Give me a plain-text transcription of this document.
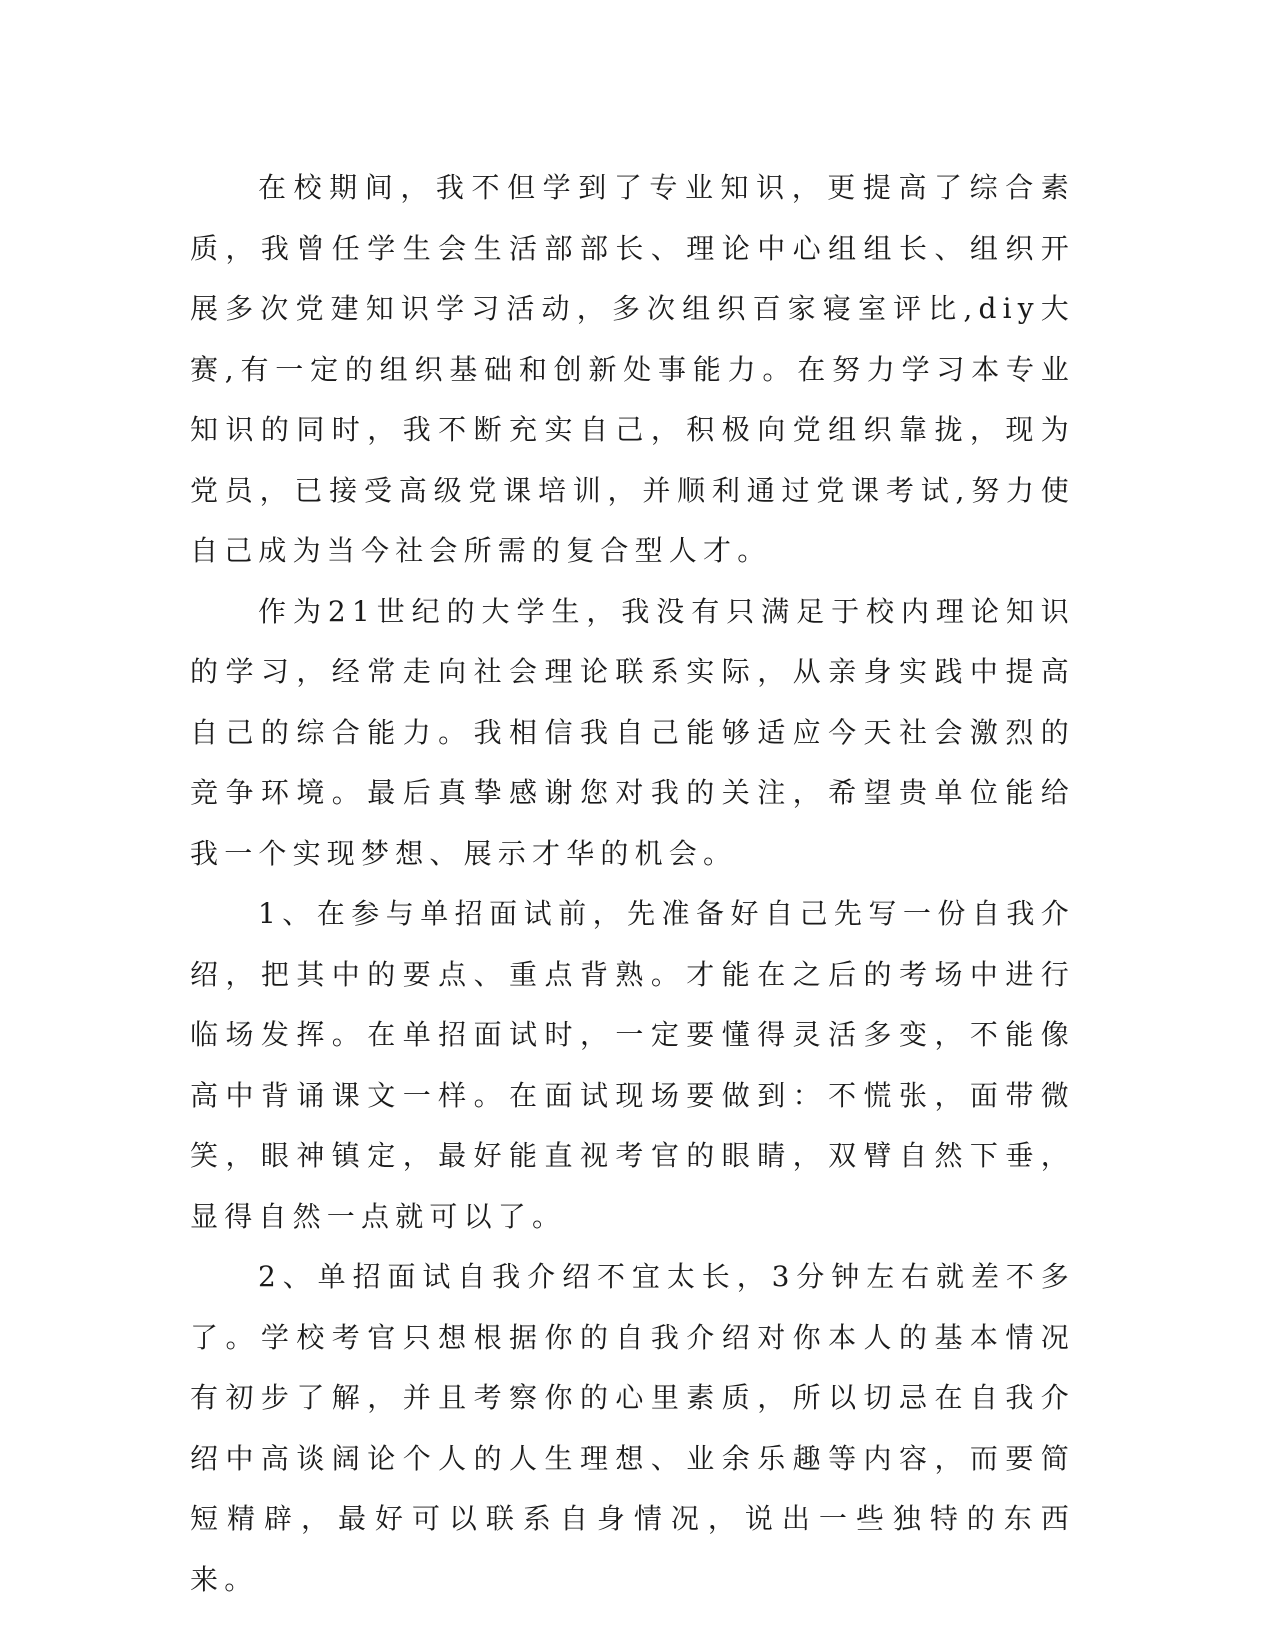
在校期间，我不但学到了专业知识，更提高了综合素质，我曾任学生会生活部部长、理论中心组组长、组织开展多次党建知识学习活动，多次组织百家寝室评比,diy大赛,有一定的组织基础和创新处事能力。在努力学习本专业知识的同时，我不断充实自己，积极向党组织靠拢，现为党员，已接受高级党课培训，并顺利通过党课考试,努力使自己成为当今社会所需的复合型人才。

作为21世纪的大学生，我没有只满足于校内理论知识的学习，经常走向社会理论联系实际，从亲身实践中提高自己的综合能力。我相信我自己能够适应今天社会激烈的竞争环境。最后真挚感谢您对我的关注，希望贵单位能给我一个实现梦想、展示才华的机会。

1、在参与单招面试前，先准备好自己先写一份自我介绍，把其中的要点、重点背熟。才能在之后的考场中进行临场发挥。在单招面试时，一定要懂得灵活多变，不能像高中背诵课文一样。在面试现场要做到：不慌张，面带微笑，眼神镇定，最好能直视考官的眼睛，双臂自然下垂，显得自然一点就可以了。

2、单招面试自我介绍不宜太长，3分钟左右就差不多了。学校考官只想根据你的自我介绍对你本人的基本情况有初步了解，并且考察你的心里素质，所以切忌在自我介绍中高谈阔论个人的人生理想、业余乐趣等内容，而要简短精辟，最好可以联系自身情况，说出一些独特的东西来。
